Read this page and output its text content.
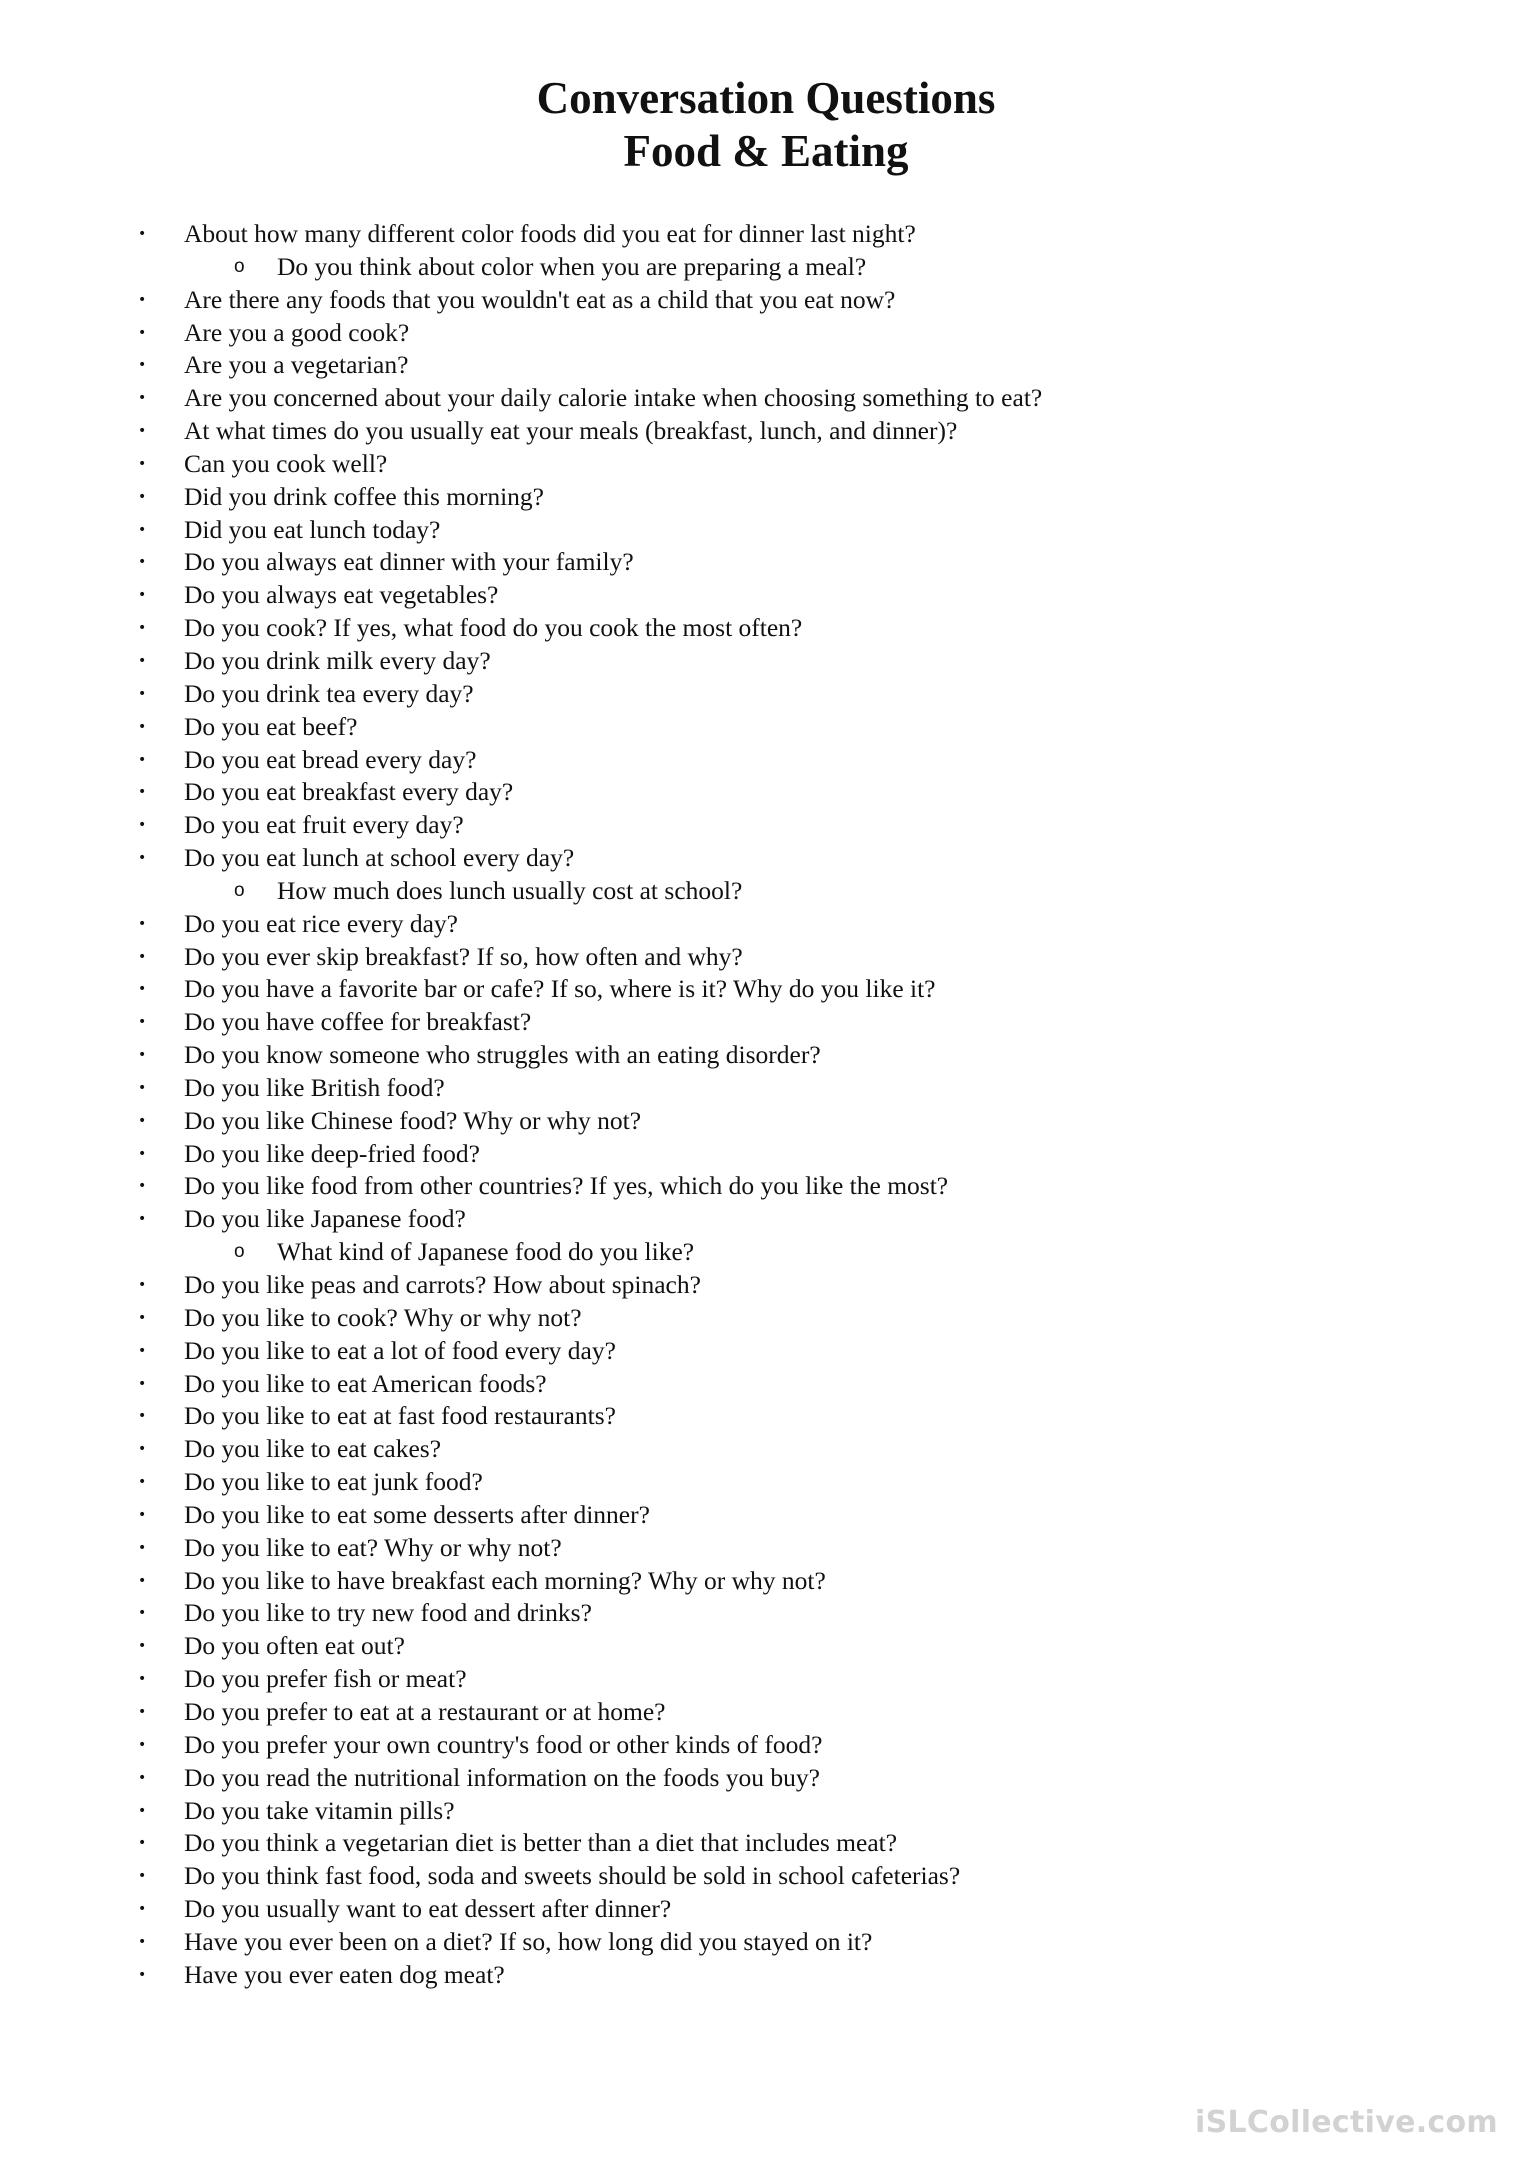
Conversation Questions
Food & Eating
• About how many different color foods did you eat for dinner last night?
o Do you think about color when you are preparing a meal?
• Are there any foods that you wouldn't eat as a child that you eat now?
• Are you a good cook?
• Are you a vegetarian?
• Are you concerned about your daily calorie intake when choosing something to eat?
• At what times do you usually eat your meals (breakfast, lunch, and dinner)?
• Can you cook well?
• Did you drink coffee this morning?
• Did you eat lunch today?
• Do you always eat dinner with your family?
• Do you always eat vegetables?
• Do you cook? If yes, what food do you cook the most often?
• Do you drink milk every day?
• Do you drink tea every day?
• Do you eat beef?
• Do you eat bread every day?
• Do you eat breakfast every day?
• Do you eat fruit every day?
• Do you eat lunch at school every day?
o How much does lunch usually cost at school?
• Do you eat rice every day?
• Do you ever skip breakfast? If so, how often and why?
• Do you have a favorite bar or cafe? If so, where is it? Why do you like it?
• Do you have coffee for breakfast?
• Do you know someone who struggles with an eating disorder?
• Do you like British food?
• Do you like Chinese food? Why or why not?
• Do you like deep-fried food?
• Do you like food from other countries? If yes, which do you like the most?
• Do you like Japanese food?
o What kind of Japanese food do you like?
• Do you like peas and carrots? How about spinach?
• Do you like to cook? Why or why not?
• Do you like to eat a lot of food every day?
• Do you like to eat American foods?
• Do you like to eat at fast food restaurants?
• Do you like to eat cakes?
• Do you like to eat junk food?
• Do you like to eat some desserts after dinner?
• Do you like to eat? Why or why not?
• Do you like to have breakfast each morning? Why or why not?
• Do you like to try new food and drinks?
• Do you often eat out?
• Do you prefer fish or meat?
• Do you prefer to eat at a restaurant or at home?
• Do you prefer your own country's food or other kinds of food?
• Do you read the nutritional information on the foods you buy?
• Do you take vitamin pills?
• Do you think a vegetarian diet is better than a diet that includes meat?
• Do you think fast food, soda and sweets should be sold in school cafeterias?
• Do you usually want to eat dessert after dinner?
• Have you ever been on a diet? If so, how long did you stayed on it?
• Have you ever eaten dog meat?
iSLCollective.com
